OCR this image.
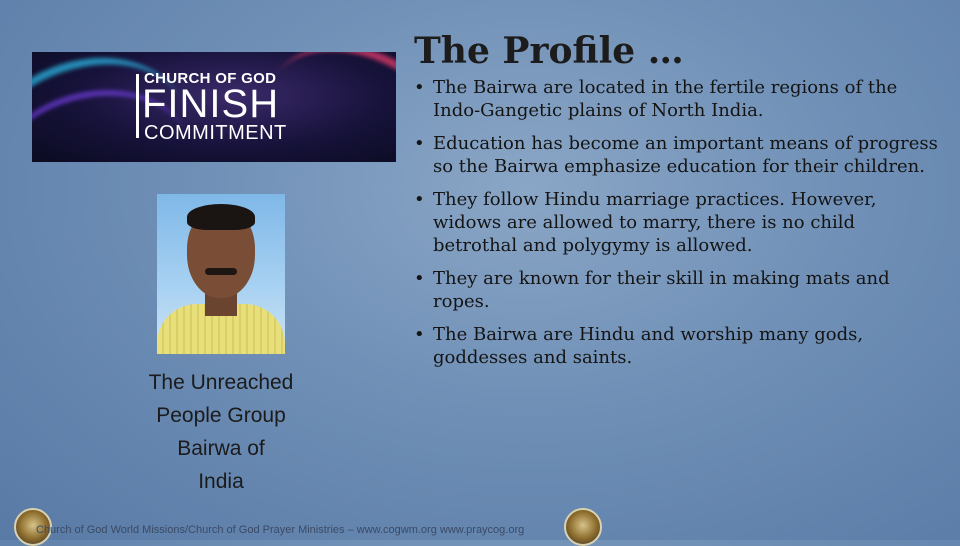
CHURCH OF GOD
FINISH
COMMITMENT
The Unreached
People Group
Bairwa of
India
The Profile …
• The Bairwa are located in the fertile regions of the Indo-Gangetic plains of North India.
• Education has become an important means of progress so the Bairwa emphasize education for their children.
• They follow Hindu marriage practices. However, widows are allowed to marry, there is no child betrothal and polygymy is allowed.
• They are known for their skill in making mats and ropes.
• The Bairwa are Hindu and worship many gods, goddesses and saints.
Church of God World Missions/Church of God Prayer Ministries – www.cogwm.org www.praycog.org
